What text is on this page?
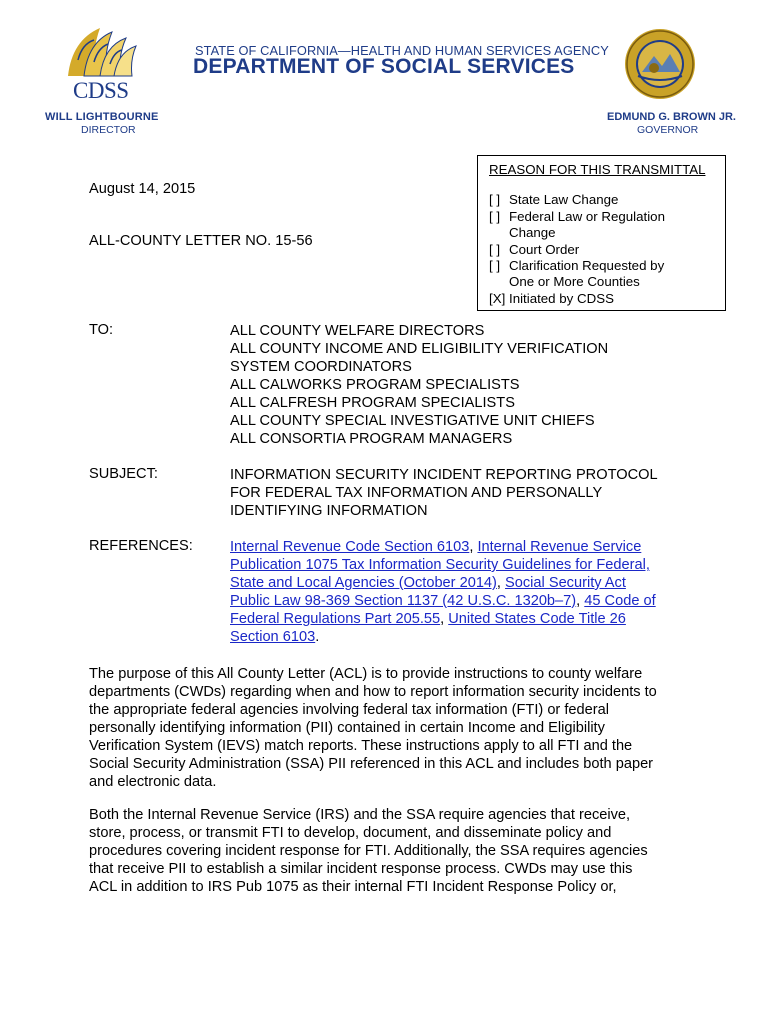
CDSS
WILL LIGHTBOURNE
DIRECTOR
STATE OF CALIFORNIA—HEALTH AND HUMAN SERVICES AGENCY
DEPARTMENT OF SOCIAL SERVICES
EDMUND G. BROWN JR.
GOVERNOR
REASON FOR THIS TRANSMITTAL
[ ] State Law Change
[ ] Federal Law or Regulation
Change
[ ] Court Order
[ ] Clarification Requested by
One or More Counties
[X] Initiated by CDSS
August 14, 2015
ALL-COUNTY LETTER NO. 15-56
TO:	ALL COUNTY WELFARE DIRECTORS
ALL COUNTY INCOME AND ELIGIBILITY VERIFICATION
SYSTEM COORDINATORS
ALL CALWORKS PROGRAM SPECIALISTS
ALL CALFRESH PROGRAM SPECIALISTS
ALL COUNTY SPECIAL INVESTIGATIVE UNIT CHIEFS
ALL CONSORTIA PROGRAM MANAGERS
SUBJECT:	INFORMATION SECURITY INCIDENT REPORTING PROTOCOL
FOR FEDERAL TAX INFORMATION AND PERSONALLY
IDENTIFYING INFORMATION
REFERENCES:	Internal Revenue Code Section 6103, Internal Revenue Service
Publication 1075 Tax Information Security Guidelines for Federal,
State and Local Agencies (October 2014), Social Security Act
Public Law 98-369 Section 1137 (42 U.S.C. 1320b–7), 45 Code of
Federal Regulations Part 205.55, United States Code Title 26
Section 6103.
The purpose of this All County Letter (ACL) is to provide instructions to county welfare
departments (CWDs) regarding when and how to report information security incidents to
the appropriate federal agencies involving federal tax information (FTI) or federal
personally identifying information (PII) contained in certain Income and Eligibility
Verification System (IEVS) match reports. These instructions apply to all FTI and the
Social Security Administration (SSA) PII referenced in this ACL and includes both paper
and electronic data.
Both the Internal Revenue Service (IRS) and the SSA require agencies that receive,
store, process, or transmit FTI to develop, document, and disseminate policy and
procedures covering incident response for FTI. Additionally, the SSA requires agencies
that receive PII to establish a similar incident response process. CWDs may use this
ACL in addition to IRS Pub 1075 as their internal FTI Incident Response Policy or,
